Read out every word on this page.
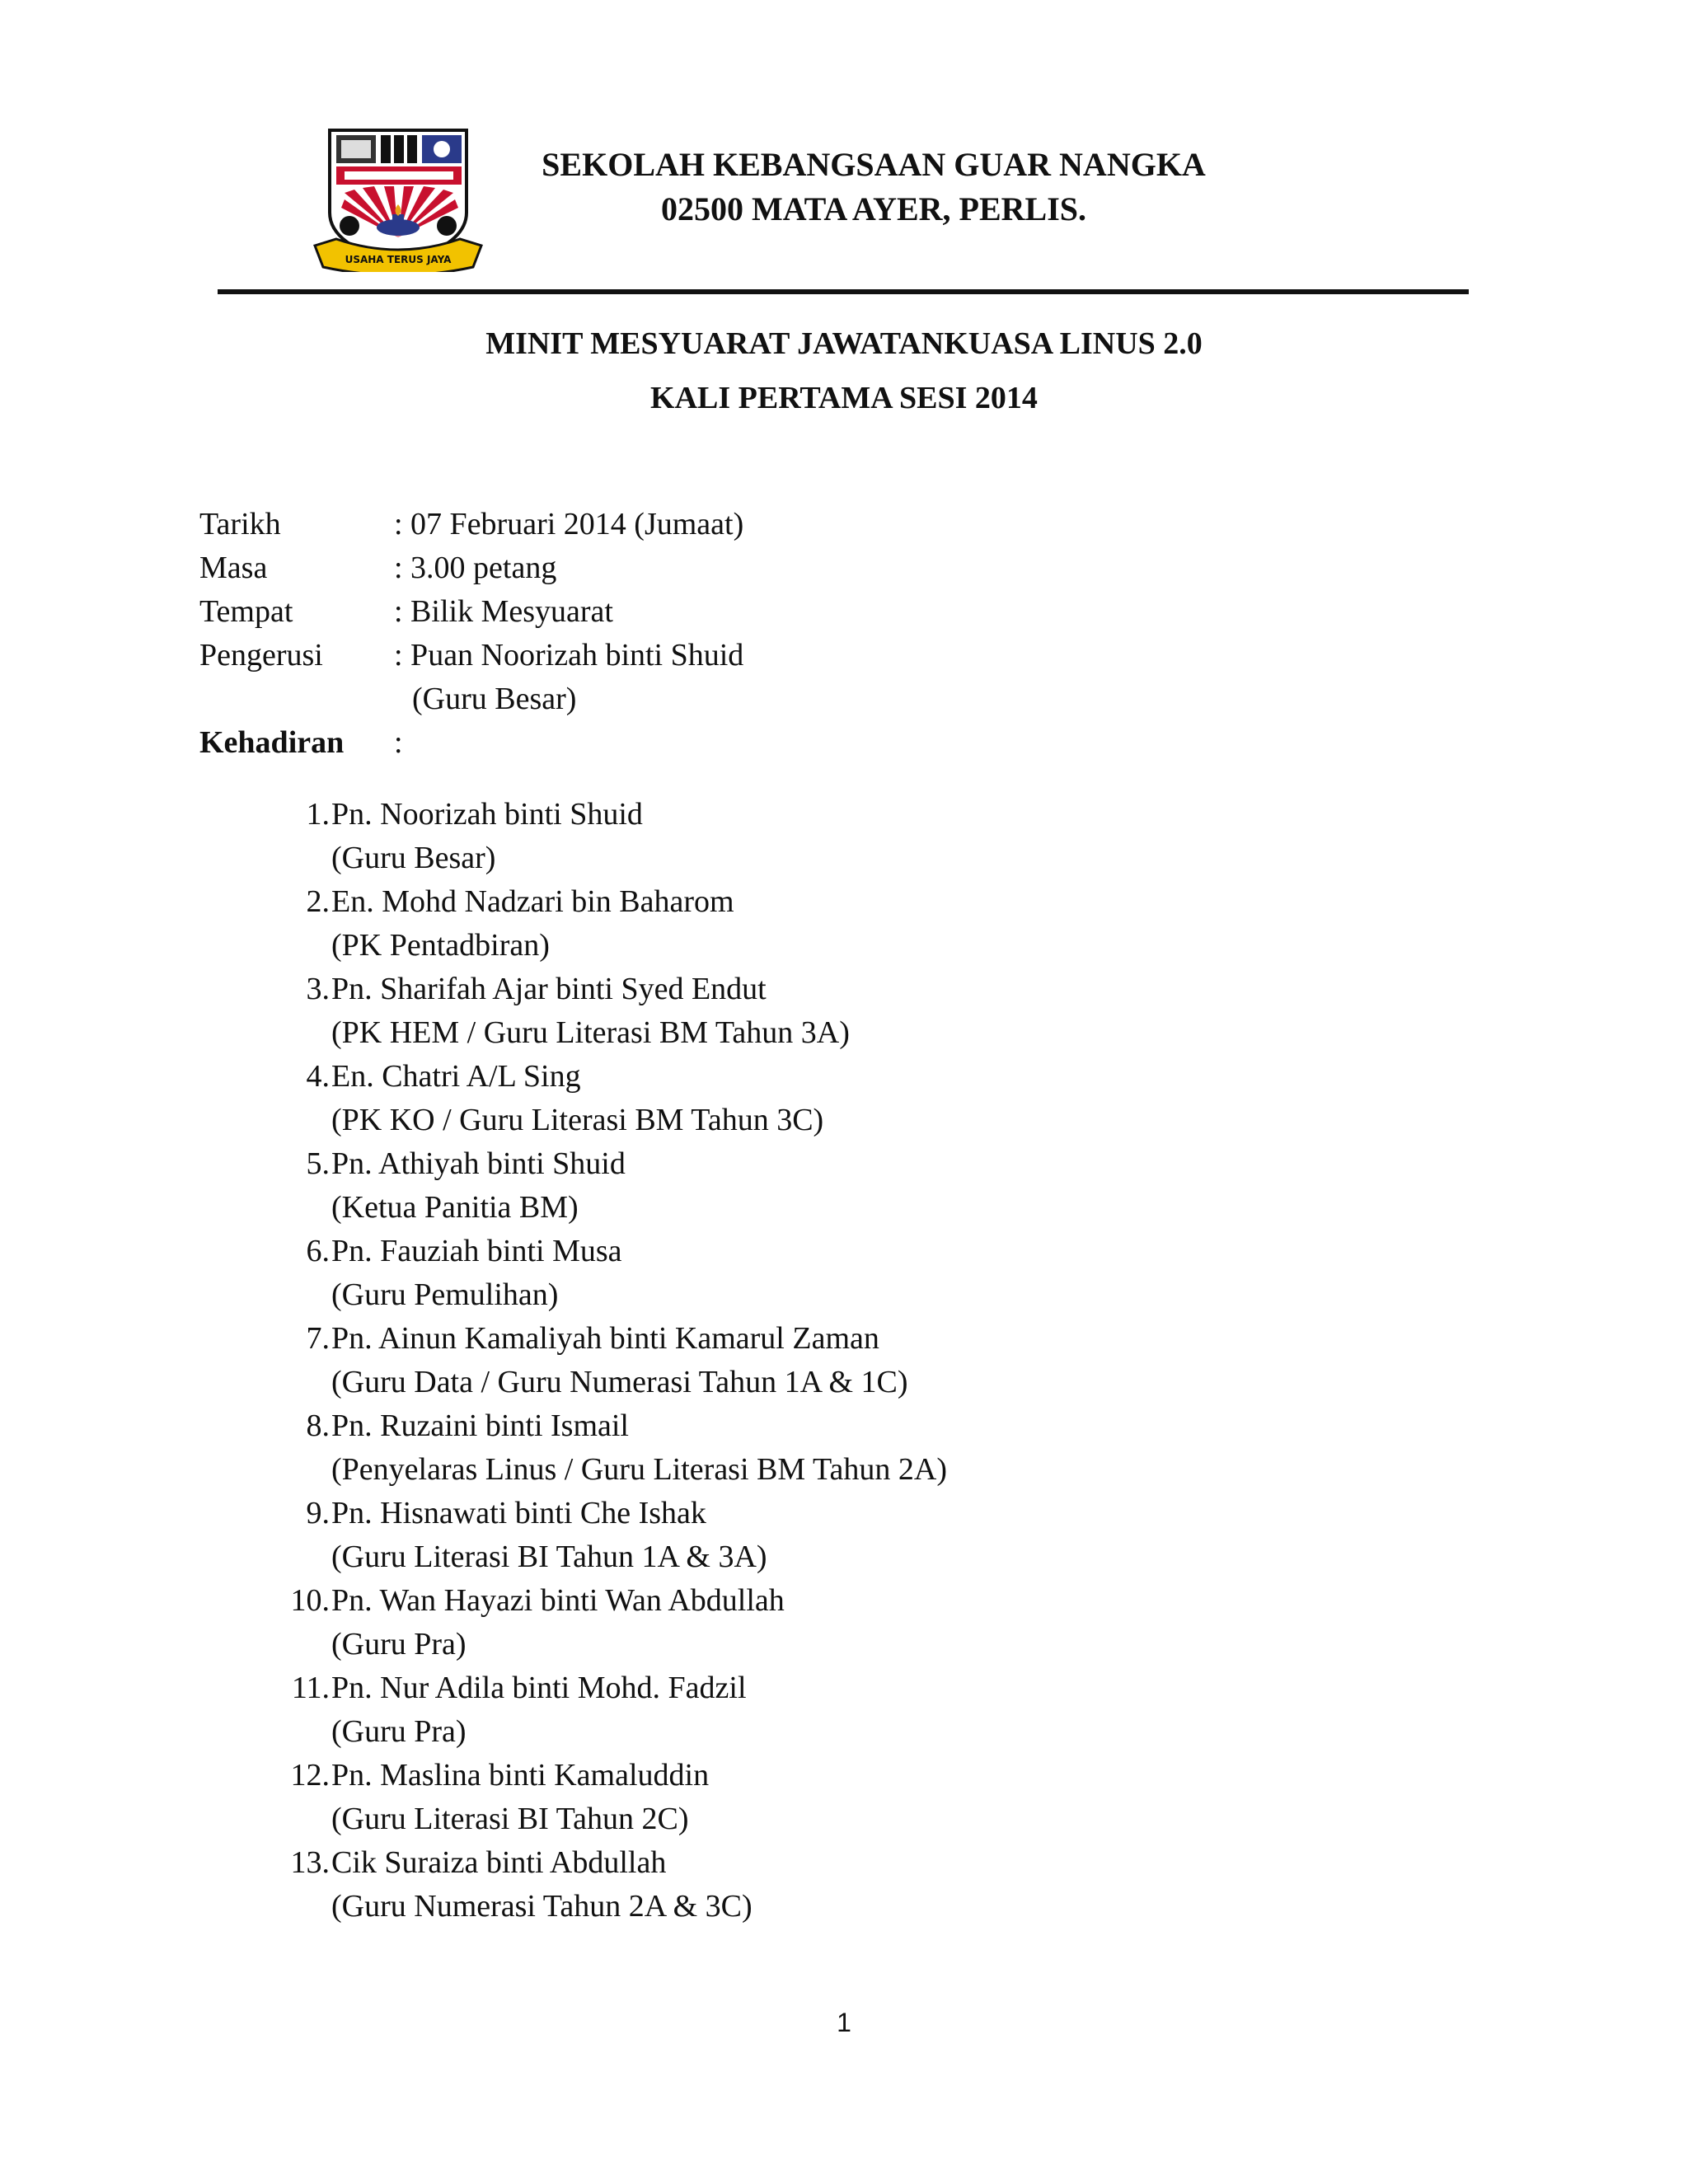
USAHA TERUS JAYA
SEKOLAH KEBANGSAAN GUAR NANGKA
02500 MATA AYER, PERLIS.
MINIT MESYUARAT JAWATANKUASA LINUS 2.0
KALI PERTAMA SESI 2014
Tarikh	: 07 Februari 2014 (Jumaat)
Masa	: 3.00 petang
Tempat	: Bilik Mesyuarat
Pengerusi	: Puan Noorizah binti Shuid
(Guru Besar)
Kehadiran	:
1. Pn. Noorizah binti Shuid
(Guru Besar)
2. En. Mohd Nadzari bin Baharom
(PK Pentadbiran)
3. Pn. Sharifah Ajar binti Syed Endut
(PK HEM / Guru Literasi BM Tahun 3A)
4. En. Chatri A/L Sing
(PK KO / Guru Literasi BM Tahun 3C)
5. Pn. Athiyah binti Shuid
(Ketua Panitia BM)
6. Pn. Fauziah binti Musa
(Guru Pemulihan)
7. Pn. Ainun Kamaliyah binti Kamarul Zaman
(Guru Data / Guru Numerasi Tahun 1A & 1C)
8. Pn. Ruzaini binti Ismail
(Penyelaras Linus / Guru Literasi BM Tahun 2A)
9. Pn. Hisnawati binti Che Ishak
(Guru Literasi BI Tahun 1A & 3A)
10. Pn. Wan Hayazi binti Wan Abdullah
(Guru Pra)
11. Pn. Nur Adila binti Mohd. Fadzil
(Guru Pra)
12. Pn. Maslina binti Kamaluddin
(Guru Literasi BI Tahun 2C)
13. Cik Suraiza binti Abdullah
(Guru Numerasi Tahun 2A & 3C)
1
